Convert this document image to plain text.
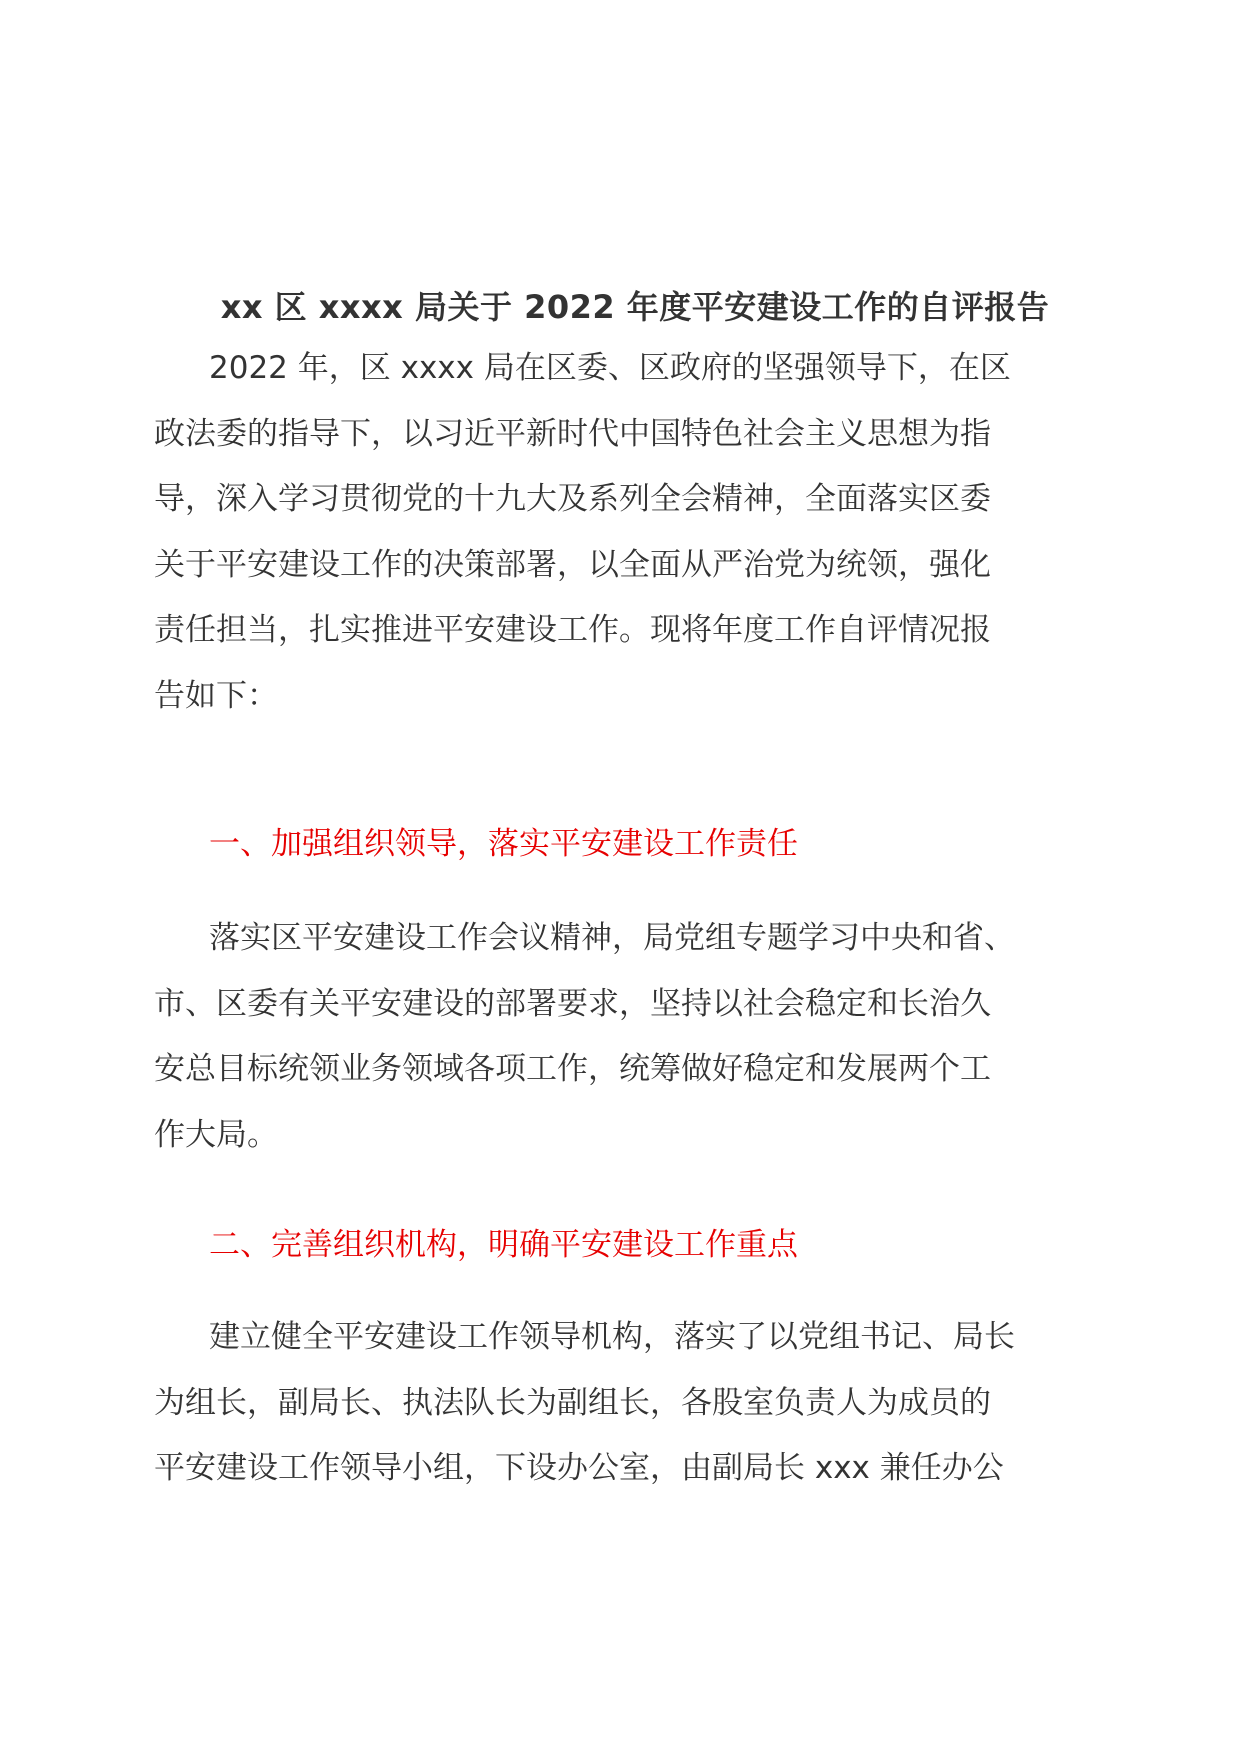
xx 区 xxxx 局关于 2022 年度平安建设工作的自评报告
2022 年，区 xxxx 局在区委、区政府的坚强领导下，在区
政法委的指导下，以习近平新时代中国特色社会主义思想为指
导，深入学习贯彻党的十九大及系列全会精神，全面落实区委
关于平安建设工作的决策部署，以全面从严治党为统领，强化
责任担当，扎实推进平安建设工作。现将年度工作自评情况报
告如下：
一、加强组织领导，落实平安建设工作责任
落实区平安建设工作会议精神，局党组专题学习中央和省、
市、区委有关平安建设的部署要求，坚持以社会稳定和长治久
安总目标统领业务领域各项工作，统筹做好稳定和发展两个工
作大局。
二、完善组织机构，明确平安建设工作重点
建立健全平安建设工作领导机构，落实了以党组书记、局长
为组长，副局长、执法队长为副组长，各股室负责人为成员的
平安建设工作领导小组，下设办公室，由副局长 xxx 兼任办公
